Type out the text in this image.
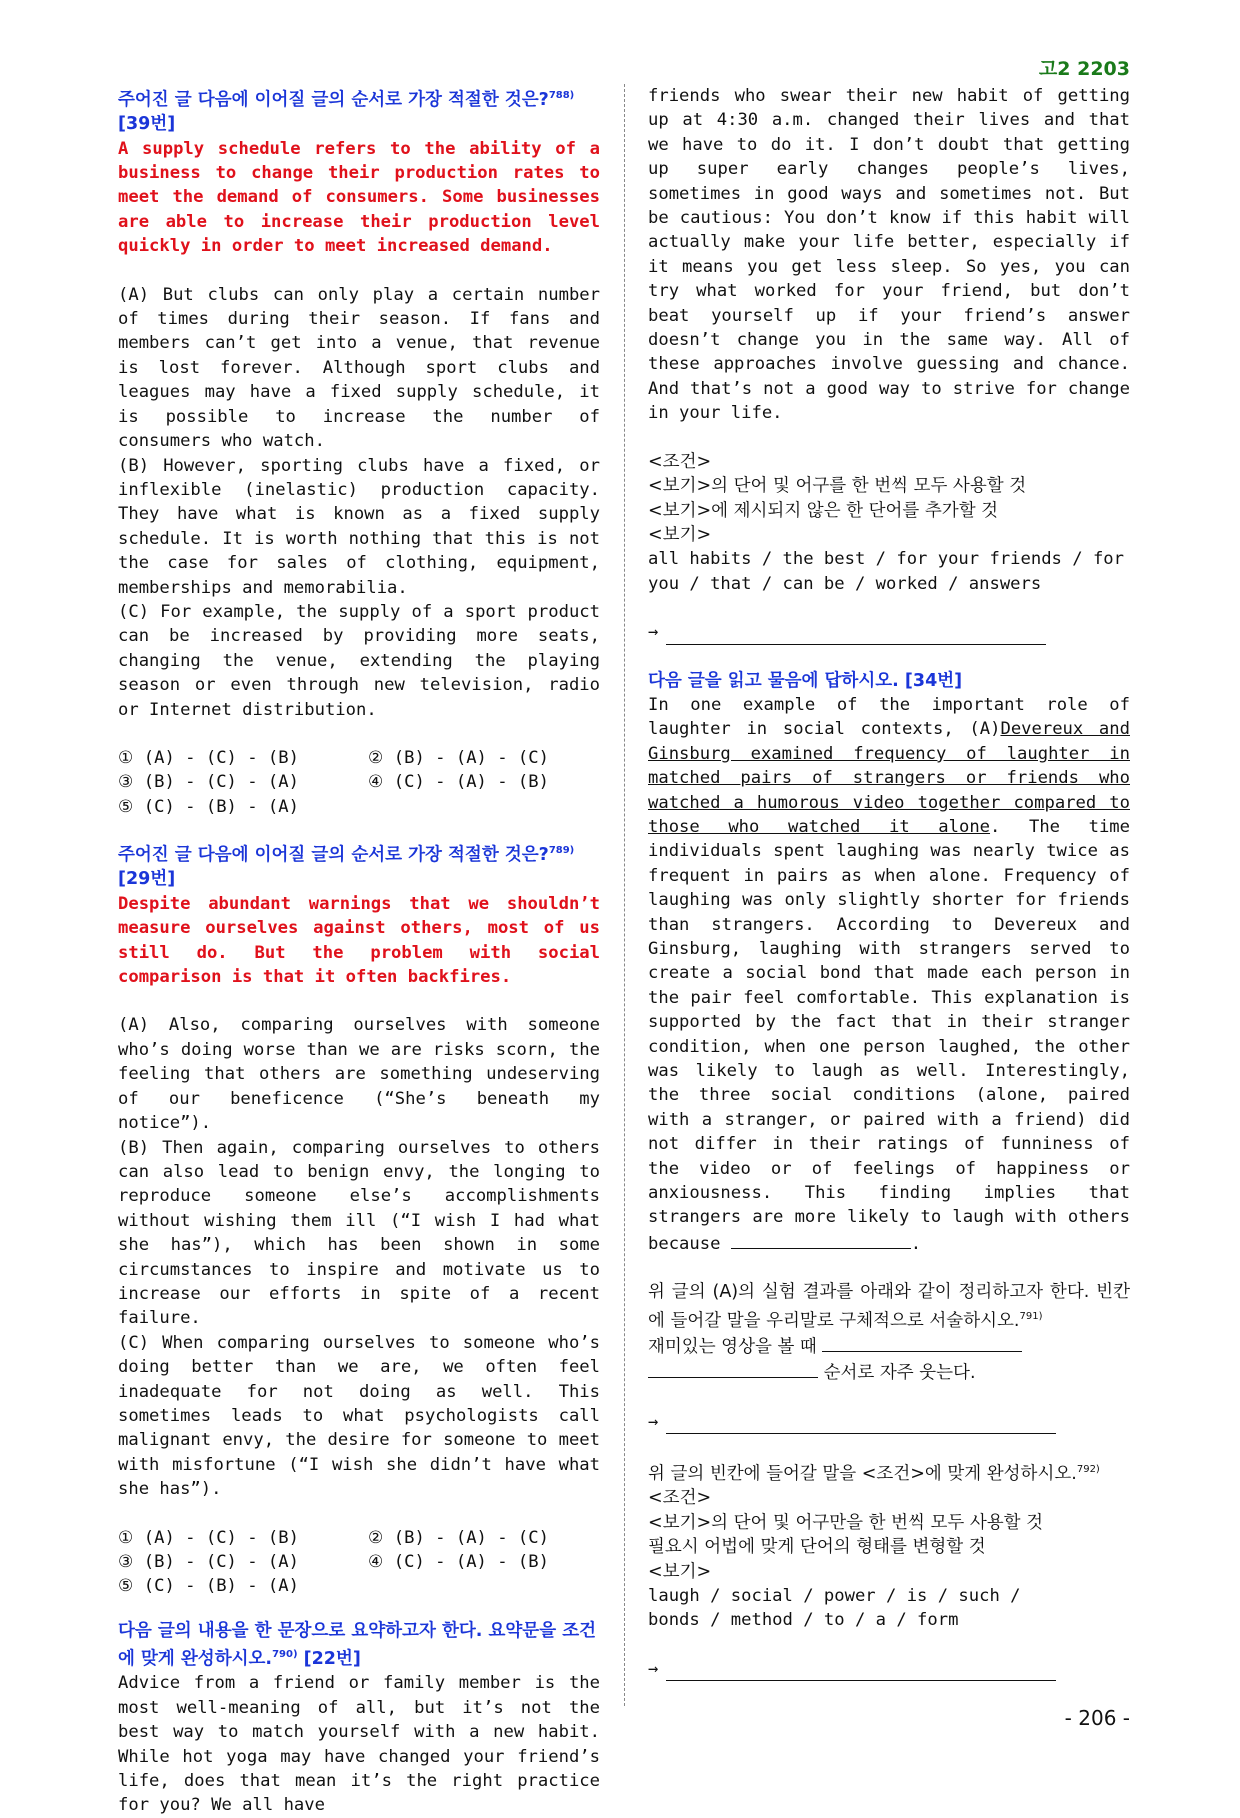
고2 2203
주어진 글 다음에 이어질 글의 순서로 가장 적절한 것은?$^{788)}$ [39번]

A supply schedule refers to the ability of a business to change their production rates to meet the demand of consumers. Some businesses are able to increase their production level quickly in order to meet increased demand.

(A) But clubs can only play a certain number of times during their season. If fans and members can’t get into a venue, that revenue is lost forever. Although sport clubs and leagues may have a fixed supply schedule, it is possible to increase the number of consumers who watch.

(B) However, sporting clubs have a fixed, or inflexible (inelastic) production capacity. They have what is known as a fixed supply schedule. It is worth nothing that this is not the case for sales of clothing, equipment, memberships and memorabilia.

(C) For example, the supply of a sport product can be increased by providing more seats, changing the venue, extending the playing season or even through new television, radio or Internet distribution.

① (A) - (C) - (B)	② (B) - (A) - (C)
③ (B) - (C) - (A)	④ (C) - (A) - (B)
⑤ (C) - (B) - (A)
주어진 글 다음에 이어질 글의 순서로 가장 적절한 것은?$^{789)}$ [29번]

Despite abundant warnings that we shouldn’t measure ourselves against others, most of us still do. But the problem with social comparison is that it often backfires.

(A) Also, comparing ourselves with someone who’s doing worse than we are risks scorn, the feeling that others are something undeserving of our beneficence (“She’s beneath my notice”).

(B) Then again, comparing ourselves to others can also lead to benign envy, the longing to reproduce someone else’s accomplishments without wishing them ill (“I wish I had what she has”), which has been shown in some circumstances to inspire and motivate us to increase our efforts in spite of a recent failure.

(C) When comparing ourselves to someone who’s doing better than we are, we often feel inadequate for not doing as well. This sometimes leads to what psychologists call malignant envy, the desire for someone to meet with misfortune (“I wish she didn’t have what she has”).

① (A) - (C) - (B)	② (B) - (A) - (C)
③ (B) - (C) - (A)	④ (C) - (A) - (B)
⑤ (C) - (B) - (A)
다음 글의 내용을 한 문장으로 요약하고자 한다. 요약문을 조건에 맞게 완성하시오.$^{790)}$ [22번]

Advice from a friend or family member is the most well-meaning of all, but it’s not the best way to match yourself with a new habit. While hot yoga may have changed your friend’s life, does that mean it’s the right practice for you? We all have

friends who swear their new habit of getting up at 4:30 a.m. changed their lives and that we have to do it. I don’t doubt that getting up super early changes people’s lives, sometimes in good ways and sometimes not. But be cautious: You don’t know if this habit will actually make your life better, especially if it means you get less sleep. So yes, you can try what worked for your friend, but don’t beat yourself up if your friend’s answer doesn’t change you in the same way. All of these approaches involve guessing and chance. And that’s not a good way to strive for change in your life.

<조건>
<보기>의 단어 및 어구를 한 번씩 모두 사용할 것
<보기>에 제시되지 않은 한 단어를 추가할 것
<보기>

all habits / the best / for your friends / for you / that / can be / worked / answers

→
다음 글을 읽고 물음에 답하시오. [34번]

In one example of the important role of laughter in social contexts, (A)Devereux and Ginsburg examined frequency of laughter in matched pairs of strangers or friends who watched a humorous video together compared to those who watched it alone. The time individuals spent laughing was nearly twice as frequent in pairs as when alone. Frequency of laughing was only slightly shorter for friends than strangers. According to Devereux and Ginsburg, laughing with strangers served to create a social bond that made each person in the pair feel comfortable. This explanation is supported by the fact that in their stranger condition, when one person laughed, the other was likely to laugh as well. Interestingly, the three social conditions (alone, paired with a stranger, or paired with a friend) did not differ in their ratings of funniness of the video or of feelings of happiness or anxiousness. This finding implies that strangers are more likely to laugh with others because	.

위 글의 (A)의 실험 결과를 아래와 같이 정리하고자 한다. 빈칸에 들어갈 말을 우리말로 구체적으로 서술하시오.$^{791)}$
재미있는 영상을 볼 때
순서로 자주 웃는다.
→
위 글의 빈칸에 들어갈 말을 <조건>에 맞게 완성하시오.$^{792)}$
<조건>
<보기>의 단어 및 어구만을 한 번씩 모두 사용할 것
필요시 어법에 맞게 단어의 형태를 변형할 것
<보기>

laugh / social / power / is / such /

bonds / method / to / a / form

→
- 206 -
